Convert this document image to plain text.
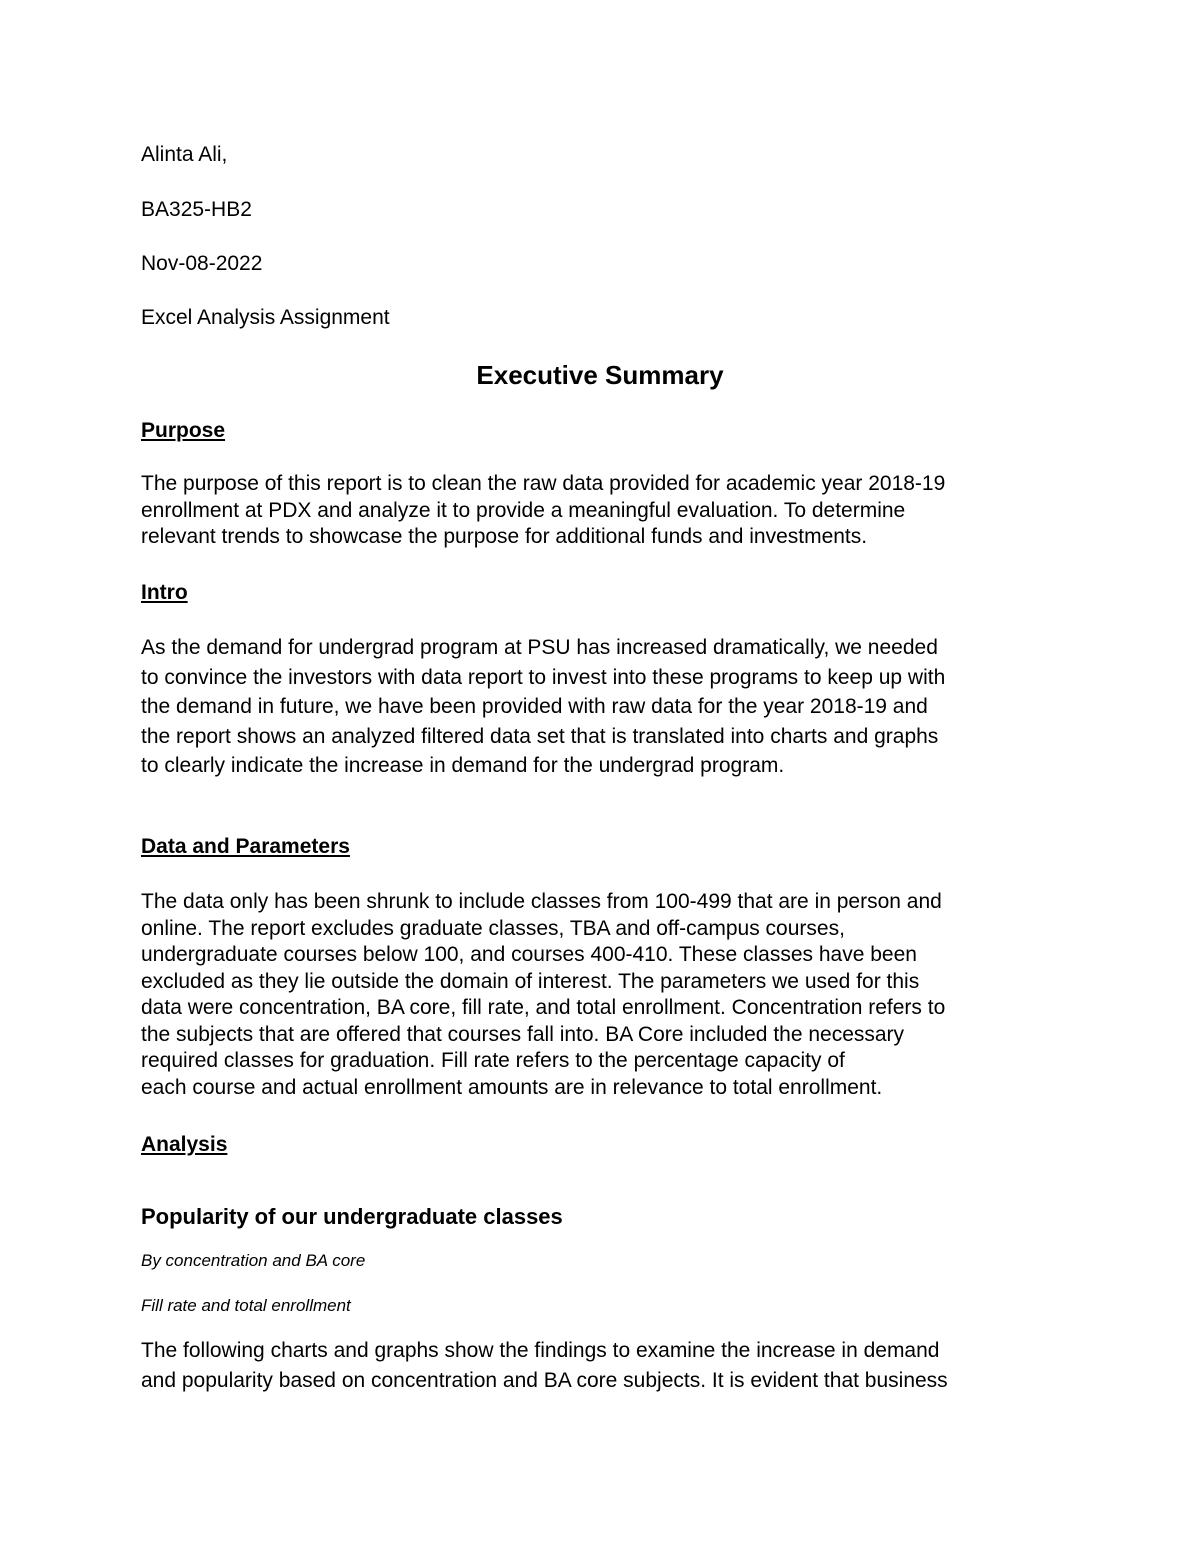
Alinta Ali,

BA325-HB2

Nov-08-2022

Excel Analysis Assignment

Executive Summary

Purpose

The purpose of this report is to clean the raw data provided for academic year 2018-19
enrollment at PDX and analyze it to provide a meaningful evaluation. To determine
relevant trends to showcase the purpose for additional funds and investments.

Intro

As the demand for undergrad program at PSU has increased dramatically, we needed
to convince the investors with data report to invest into these programs to keep up with
the demand in future, we have been provided with raw data for the year 2018-19 and
the report shows an analyzed filtered data set that is translated into charts and graphs
to clearly indicate the increase in demand for the undergrad program.

Data and Parameters

The data only has been shrunk to include classes from 100-499 that are in person and
online. The report excludes graduate classes, TBA and off-campus courses,
undergraduate courses below 100, and courses 400-410. These classes have been
excluded as they lie outside the domain of interest. The parameters we used for this
data were concentration, BA core, fill rate, and total enrollment. Concentration refers to
the subjects that are offered that courses fall into. BA Core included the necessary
required classes for graduation. Fill rate refers to the percentage capacity of
each course and actual enrollment amounts are in relevance to total enrollment.

Analysis

Popularity of our undergraduate classes

By concentration and BA core

Fill rate and total enrollment

The following charts and graphs show the findings to examine the increase in demand
and popularity based on concentration and BA core subjects. It is evident that business
